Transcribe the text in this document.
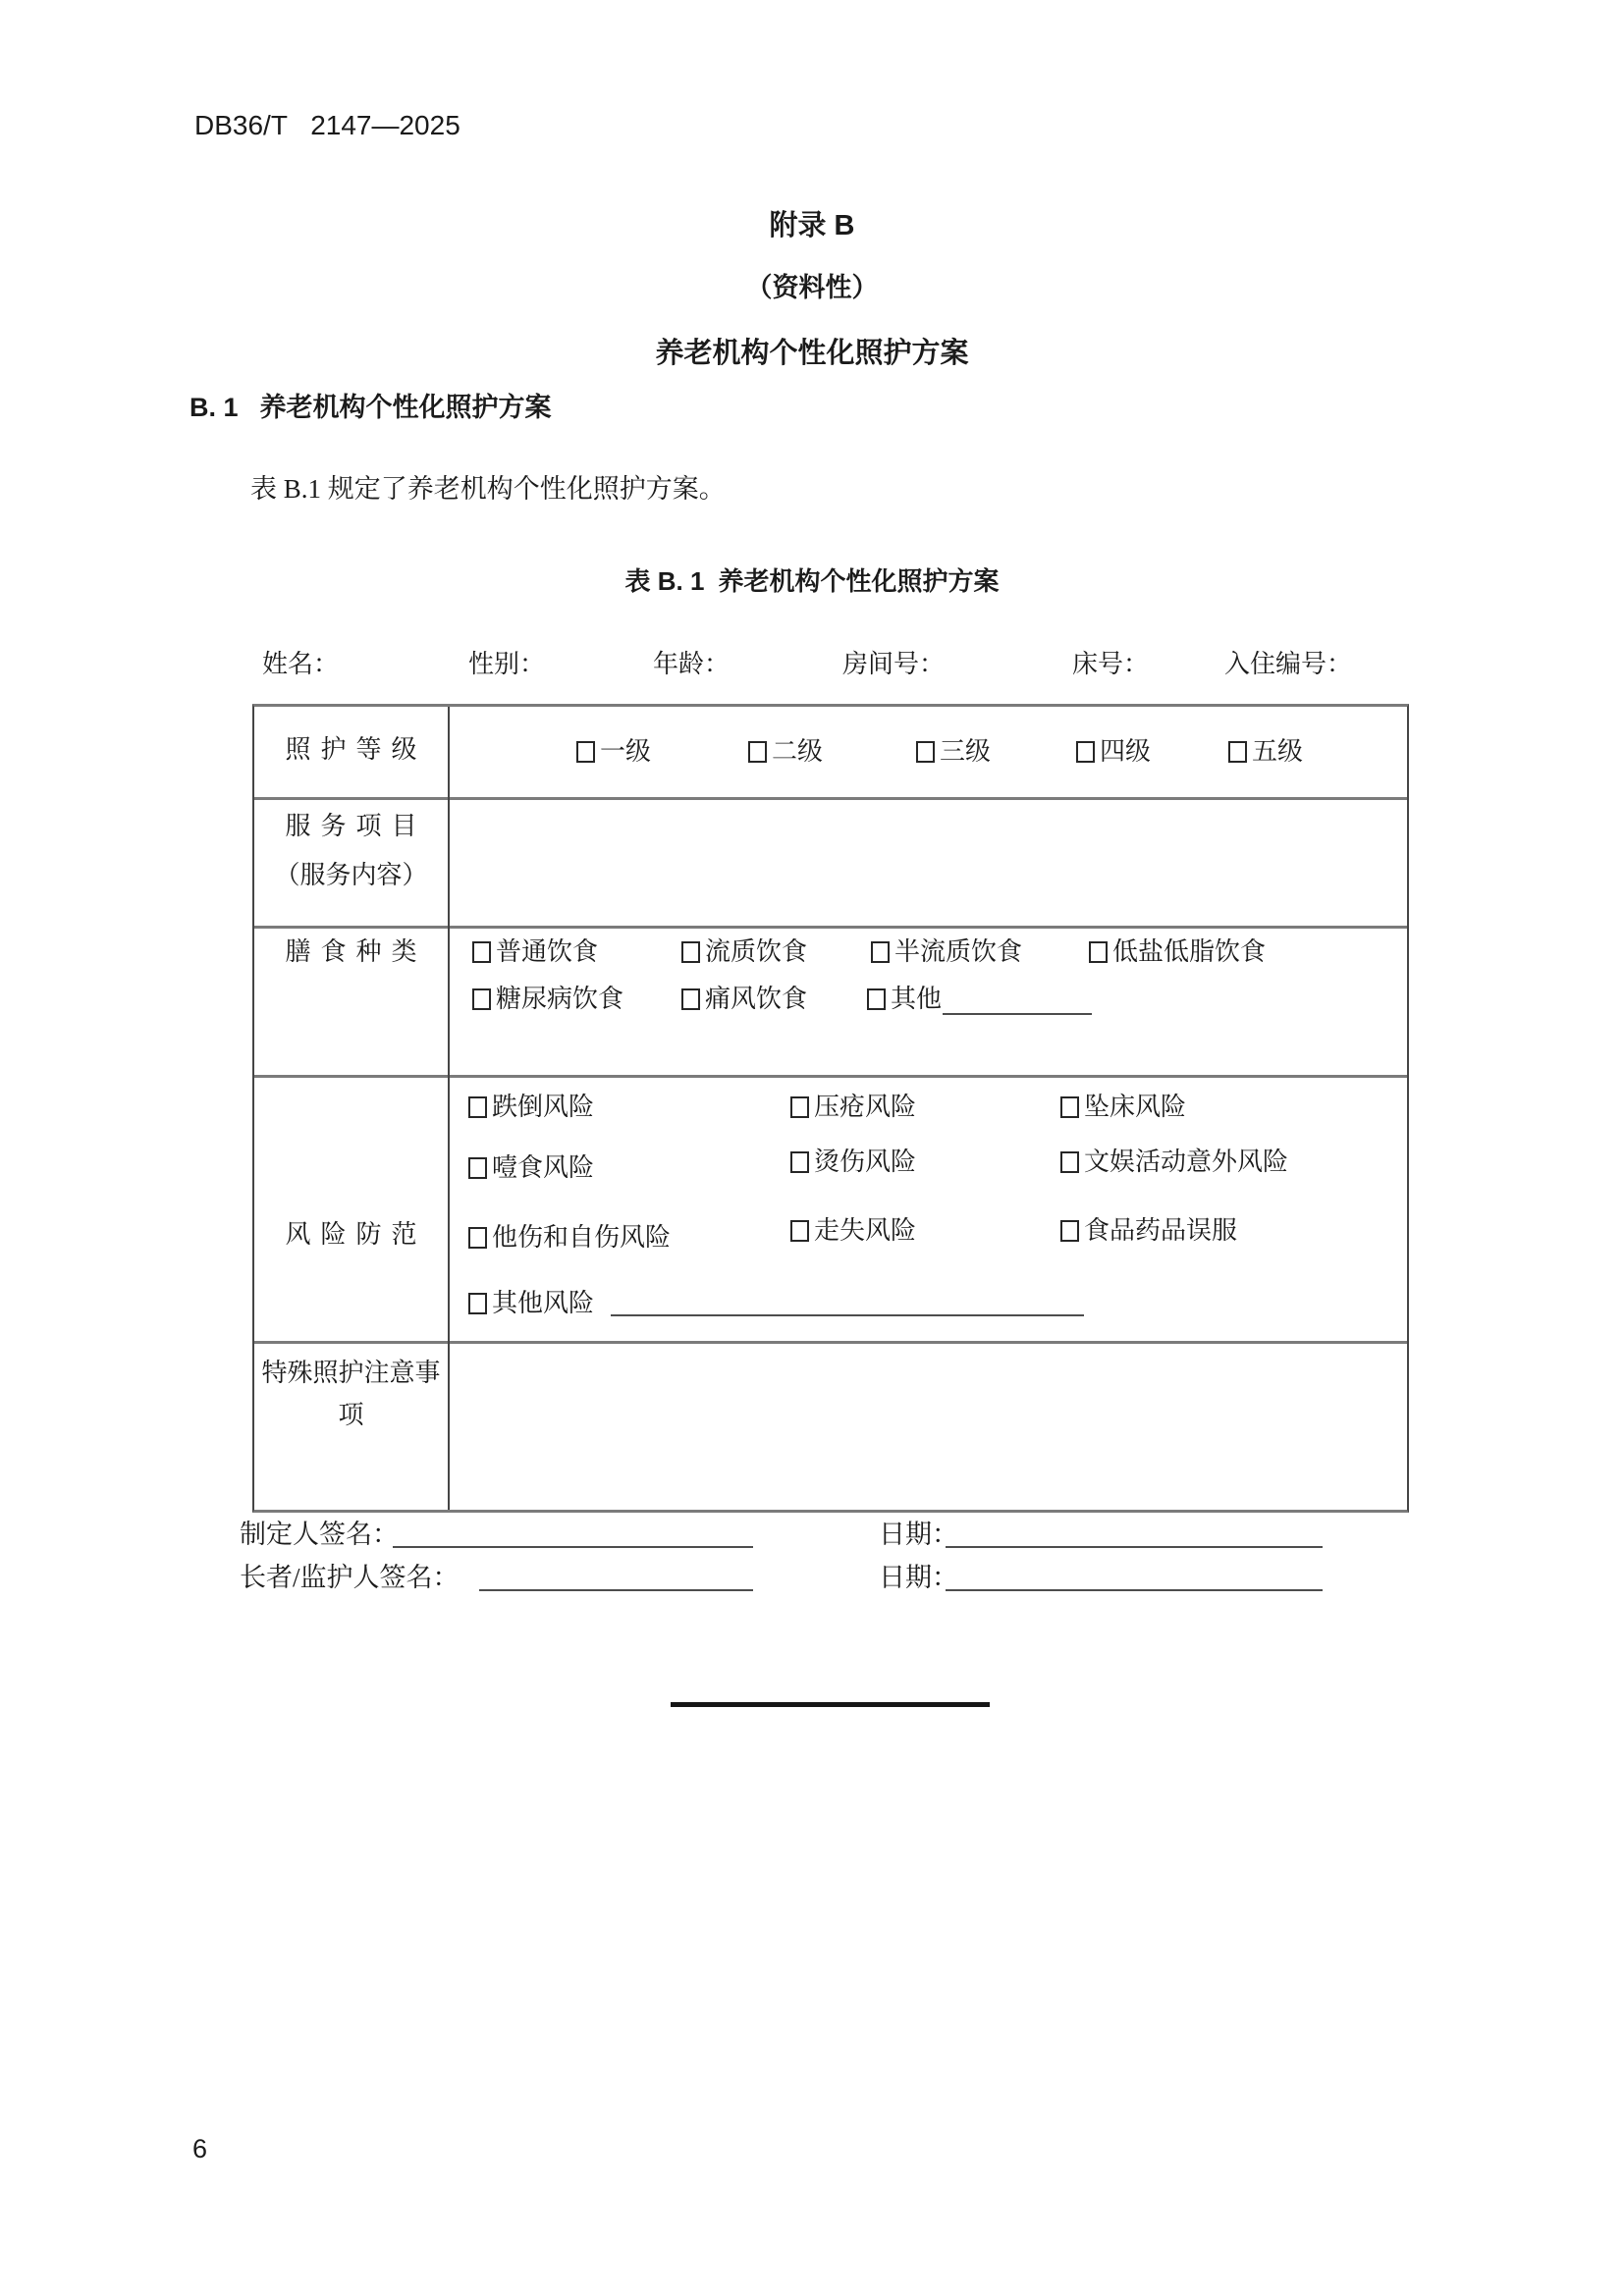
DB36/T 2147—2025
附录 B
（资料性）
养老机构个性化照护方案
B. 1 养老机构个性化照护方案
表 B.1 规定了养老机构个性化照护方案。
表 B. 1 养老机构个性化照护方案
姓名：	性别：	年龄：	房间号：	床号：	入住编号：
照护等级	一级	二级	三级	四级	五级
服务项目
（服务内容）
膳食种类	普通饮食	流质饮食	半流质饮食	低盐低脂饮食
糖尿病饮食	痛风饮食	其他
风险防范
跌倒风险	压疮风险	坠床风险
噎食风险	烫伤风险	文娱活动意外风险
他伤和自伤风险	走失风险	食品药品误服
其他风险
特殊照护注意事项
制定人签名：	日期：
长者/监护人签名：	日期：
6
